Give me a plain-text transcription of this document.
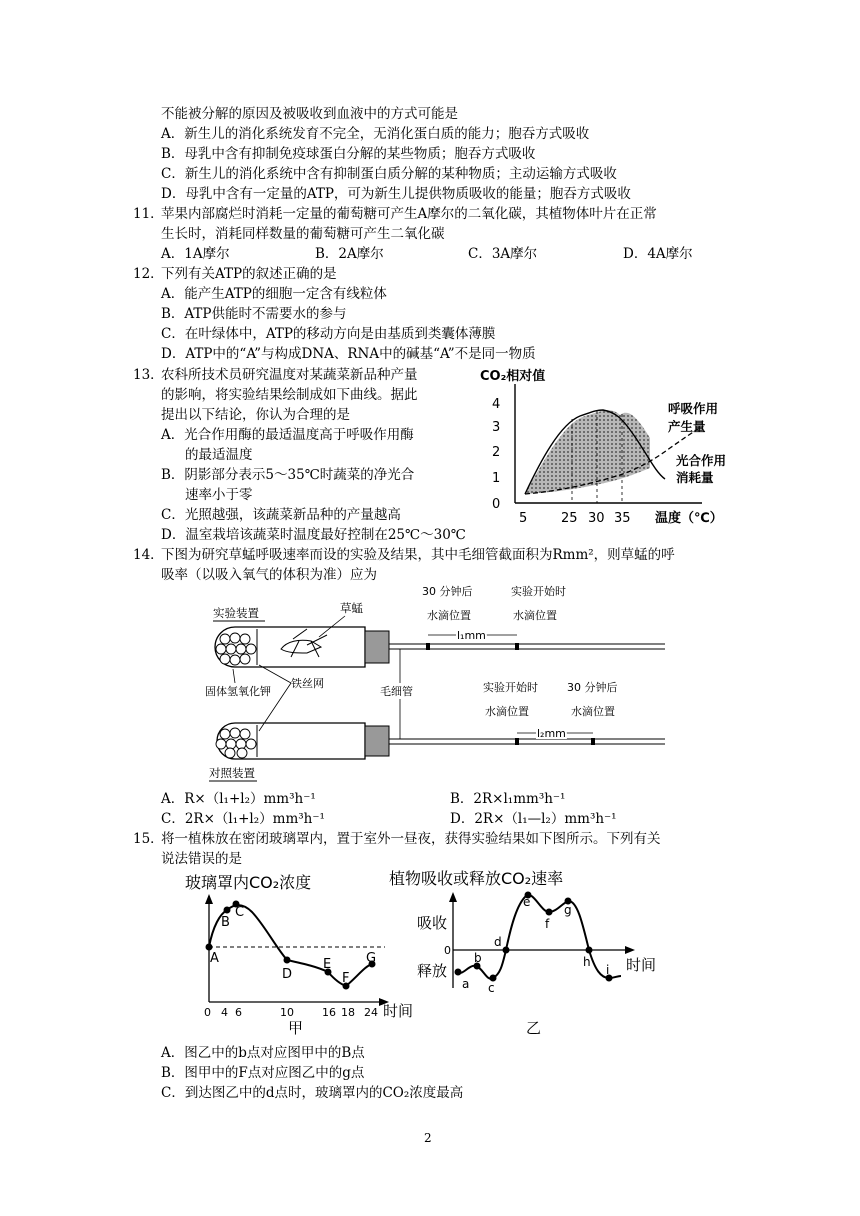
不能被分解的原因及被吸收到血液中的方式可能是
A．新生儿的消化系统发育不完全，无消化蛋白质的能力；胞吞方式吸收
B．母乳中含有抑制免疫球蛋白分解的某些物质；胞吞方式吸收
C．新生儿的消化系统中含有抑制蛋白质分解的某种物质；主动运输方式吸收
D．母乳中含有一定量的ATP，可为新生儿提供物质吸收的能量；胞吞方式吸收
11．
苹果内部腐烂时消耗一定量的葡萄糖可产生A摩尔的二氧化碳，其植物体叶片在正常
生长时，消耗同样数量的葡萄糖可产生二氧化碳
A．1A摩尔	B．2A摩尔	C．3A摩尔	D．4A摩尔
12．
下列有关ATP的叙述正确的是
A．能产生ATP的细胞一定含有线粒体
B．ATP供能时不需要水的参与
C．在叶绿体中，ATP的移动方向是由基质到类囊体薄膜
D．ATP中的“A”与构成DNA、RNA中的碱基“A”不是同一物质
13．
农科所技术员研究温度对某蔬菜新品种产量
的影响，将实验结果绘制成如下曲线。据此
提出以下结论，你认为合理的是
A．光合作用酶的最适温度高于呼吸作用酶
的最适温度
B．阴影部分表示5～35℃时蔬菜的净光合
速率小于零
C．光照越强，该蔬菜新品种的产量越高
D．温室栽培该蔬菜时温度最好控制在25℃～30℃
CO₂相对值
0
1
2
3
4
5	25 30 35 温度（℃）
呼吸作用
产生量
光合作用
消耗量
14．
下图为研究草蜢呼吸速率而设的实验及结果，其中毛细管截面积为Rmm²，则草蜢的呼
吸率（以吸入氧气的体积为准）应为
实验装置	草蜢
30 分钟后
水滴位置
实验开始时
水滴位置
l₁mm
固体氢氧化钾
铁丝网
毛细管	实验开始时
水滴位置
30 分钟后
水滴位置
l₂mm
对照装置
A．R×（l₁+l₂）mm³h⁻¹	B．2R×l₁mm³h⁻¹
C．2R×（l₁+l₂）mm³h⁻¹	D．2R×（l₁—l₂）mm³h⁻¹
15．
将一植株放在密闭玻璃罩内，置于室外一昼夜，获得实验结果如下图所示。下列有关
说法错误的是
玻璃罩内CO₂浓度
A
B
C
D
E
F
G
0 4 6	10	16 18 24 时间
甲
植物吸收或释放CO₂速率
吸收
释放
0
a
b
c
d
e
f
g
h
i 时间
乙
A．图乙中的b点对应图甲中的B点
B．图甲中的F点对应图乙中的g点
C．到达图乙中的d点时，玻璃罩内的CO₂浓度最高
2
